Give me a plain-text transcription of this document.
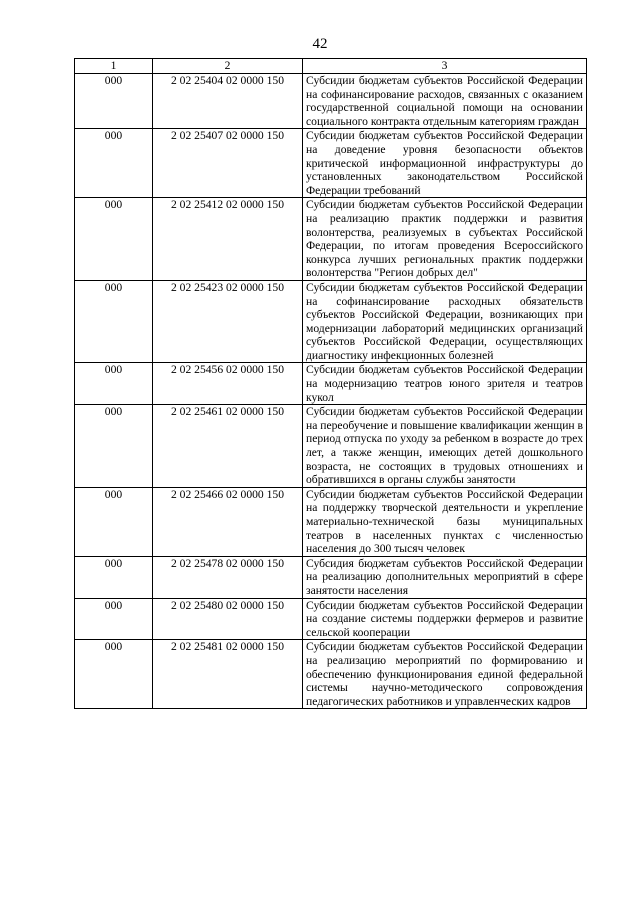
42
1	2	3
000	2 02 25404 02 0000 150	Субсидии бюджетам субъектов Российской Федерации на софинансирование расходов, связанных с оказанием государственной социальной помощи на основании социального контракта отдельным категориям граждан
000	2 02 25407 02 0000 150	Субсидии бюджетам субъектов Российской Федерации на доведение уровня безопасности объектов критической информационной инфраструктуры до установленных законодательством Российской Федерации требований
000	2 02 25412 02 0000 150	Субсидии бюджетам субъектов Российской Федерации на реализацию практик поддержки и развития волонтерства, реализуемых в субъектах Российской Федерации, по итогам проведения Всероссийского конкурса лучших региональных практик поддержки волонтерства "Регион добрых дел"
000	2 02 25423 02 0000 150	Субсидии бюджетам субъектов Российской Федерации на софинансирование расходных обязательств субъектов Российской Федерации, возникающих при модернизации лабораторий медицинских организаций субъектов Российской Федерации, осуществляющих диагностику инфекционных болезней
000	2 02 25456 02 0000 150	Субсидии бюджетам субъектов Российской Федерации на модернизацию театров юного зрителя и театров кукол
000	2 02 25461 02 0000 150	Субсидии бюджетам субъектов Российской Федерации на переобучение и повышение квалификации женщин в период отпуска по уходу за ребенком в возрасте до трех лет, а также женщин, имеющих детей дошкольного возраста, не состоящих в трудовых отношениях и обратившихся в органы службы занятости
000	2 02 25466 02 0000 150	Субсидии бюджетам субъектов Российской Федерации на поддержку творческой деятельности и укрепление материально-технической базы муниципальных театров в населенных пунктах с численностью населения до 300 тысяч человек
000	2 02 25478 02 0000 150	Субсидия бюджетам субъектов Российской Федерации на реализацию дополнительных мероприятий в сфере занятости населения
000	2 02 25480 02 0000 150	Субсидии бюджетам субъектов Российской Федерации на создание системы поддержки фермеров и развитие сельской кооперации
000	2 02 25481 02 0000 150	Субсидии бюджетам субъектов Российской Федерации на реализацию мероприятий по формированию и обеспечению функционирования единой федеральной системы научно-методического сопровождения педагогических работников и управленческих кадров
